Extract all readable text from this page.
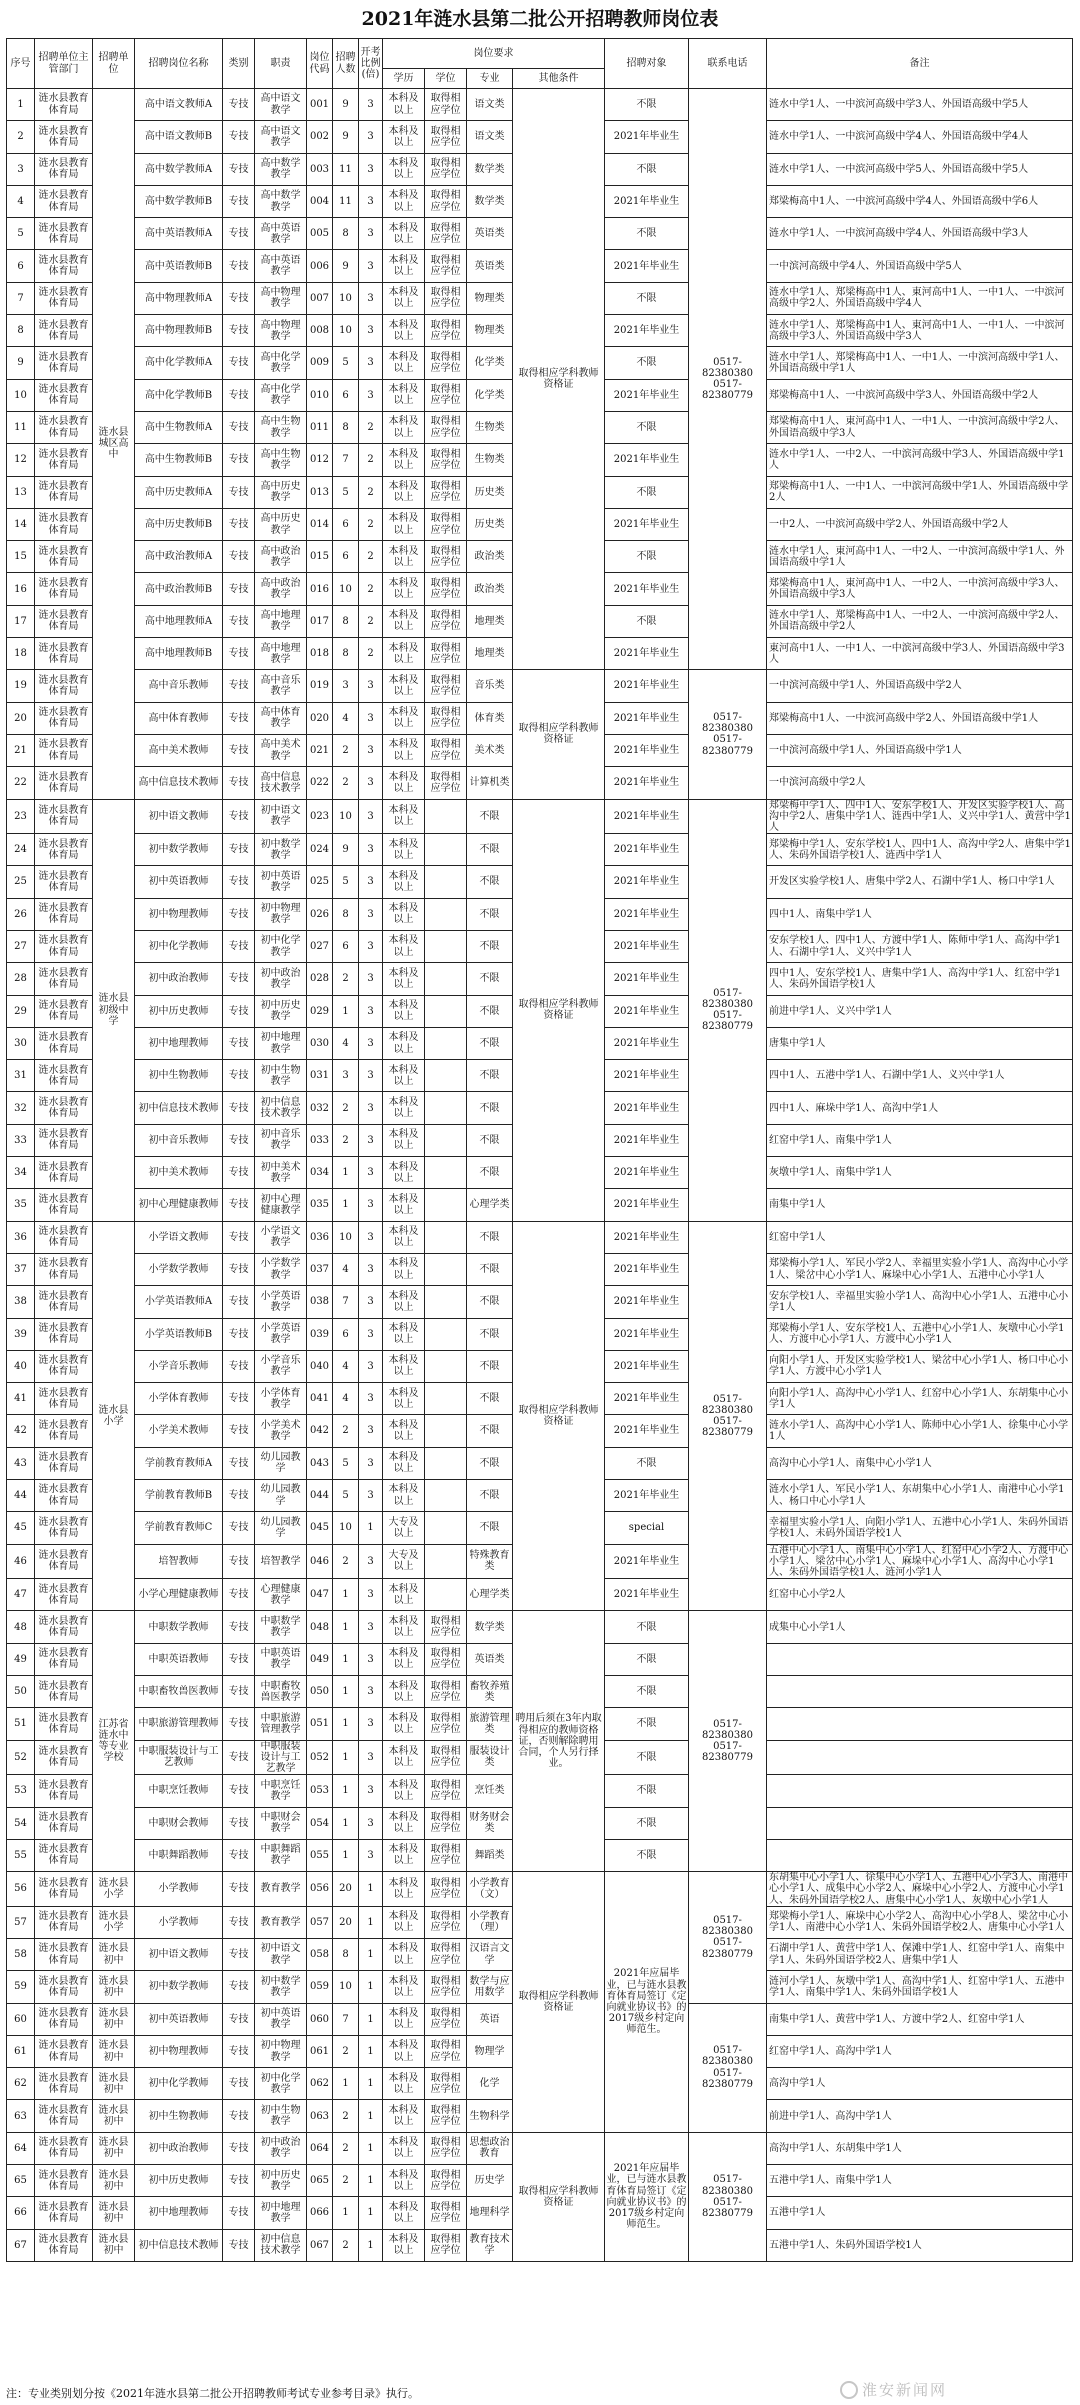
2021年涟水县第二批公开招聘教师岗位表
序号	招聘单位主管部门	招聘单位	招聘岗位名称	类别	职责	岗位代码	招聘人数	开考比例(倍)	岗位要求				招聘对象	联系电话	备注
									学历	学位	专业	其他条件			
1	涟水县教育体育局	涟水县城区高中	高中语文教师A	专技	高中语文教学	001	9	3	本科及以上	取得相应学位	语文类	取得相应学科教师资格证	不限	0517-82380380 0517-82380779	涟水中学1人、一中滨河高级中学3人、外国语高级中学5人
2	涟水县教育体育局		高中语文教师B	专技	高中语文教学	002	9	3	本科及以上	取得相应学位	语文类		2021年毕业生		涟水中学1人、一中滨河高级中学4人、外国语高级中学4人
3	涟水县教育体育局		高中数学教师A	专技	高中数学教学	003	11	3	本科及以上	取得相应学位	数学类		不限		涟水中学1人、一中滨河高级中学5人、外国语高级中学5人
4	涟水县教育体育局		高中数学教师B	专技	高中数学教学	004	11	3	本科及以上	取得相应学位	数学类		2021年毕业生		郑梁梅高中1人、一中滨河高级中学4人、外国语高级中学6人
5	涟水县教育体育局		高中英语教师A	专技	高中英语教学	005	8	3	本科及以上	取得相应学位	英语类		不限		涟水中学1人、一中滨河高级中学4人、外国语高级中学3人
6	涟水县教育体育局		高中英语教师B	专技	高中英语教学	006	9	3	本科及以上	取得相应学位	英语类		2021年毕业生		一中滨河高级中学4人、外国语高级中学5人
7	涟水县教育体育局		高中物理教师A	专技	高中物理教学	007	10	3	本科及以上	取得相应学位	物理类		不限		涟水中学1人、郑梁梅高中1人、東河高中1人、一中1人、一中滨河高级中学2人、外国语高级中学4人
8	涟水县教育体育局		高中物理教师B	专技	高中物理教学	008	10	3	本科及以上	取得相应学位	物理类		2021年毕业生		涟水中学1人、郑梁梅高中1人、東河高中1人、一中1人、一中滨河高级中学3人、外国语高级中学3人
9	涟水县教育体育局		高中化学教师A	专技	高中化学教学	009	5	3	本科及以上	取得相应学位	化学类		不限		涟水中学1人、郑梁梅高中1人、一中1人、一中滨河高级中学1人、外国语高级中学1人
10	涟水县教育体育局		高中化学教师B	专技	高中化学教学	010	6	3	本科及以上	取得相应学位	化学类		2021年毕业生		郑梁梅高中1人、一中滨河高级中学3人、外国语高级中学2人
11	涟水县教育体育局		高中生物教师A	专技	高中生物教学	011	8	2	本科及以上	取得相应学位	生物类		不限		郑梁梅高中1人、東河高中1人、一中1人、一中滨河高级中学2人、外国语高级中学3人
12	涟水县教育体育局		高中生物教师B	专技	高中生物教学	012	7	2	本科及以上	取得相应学位	生物类		2021年毕业生		涟水中学1人、一中2人、一中滨河高级中学3人、外国语高级中学1人
13	涟水县教育体育局		高中历史教师A	专技	高中历史教学	013	5	2	本科及以上	取得相应学位	历史类		不限		郑梁梅高中1人、一中1人、一中滨河高级中学1人、外国语高级中学2人
14	涟水县教育体育局		高中历史教师B	专技	高中历史教学	014	6	2	本科及以上	取得相应学位	历史类		2021年毕业生		一中2人、一中滨河高级中学2人、外国语高级中学2人
15	涟水县教育体育局		高中政治教师A	专技	高中政治教学	015	6	2	本科及以上	取得相应学位	政治类		不限		涟水中学1人、東河高中1人、一中2人、一中滨河高级中学1人、外国语高级中学1人
16	涟水县教育体育局		高中政治教师B	专技	高中政治教学	016	10	2	本科及以上	取得相应学位	政治类		2021年毕业生		郑梁梅高中1人、東河高中1人、一中2人、一中滨河高级中学3人、外国语高级中学3人
17	涟水县教育体育局		高中地理教师A	专技	高中地理教学	017	8	2	本科及以上	取得相应学位	地理类		不限		涟水中学1人、郑梁梅高中1人、一中2人、一中滨河高级中学2人、外国语高级中学2人
18	涟水县教育体育局		高中地理教师B	专技	高中地理教学	018	8	2	本科及以上	取得相应学位	地理类		2021年毕业生		東河高中1人、一中1人、一中滨河高级中学3人、外国语高级中学3人
19	涟水县教育体育局		高中音乐教师	专技	高中音乐教学	019	3	3	本科及以上	取得相应学位	音乐类	取得相应学科教师资格证	2021年毕业生	0517-82380380 0517-82380779	一中滨河高级中学1人、外国语高级中学2人
20	涟水县教育体育局		高中体育教师	专技	高中体育教学	020	4	3	本科及以上	取得相应学位	体育类		2021年毕业生		郑梁梅高中1人、一中滨河高级中学2人、外国语高级中学1人
21	涟水县教育体育局		高中美术教师	专技	高中美术教学	021	2	3	本科及以上	取得相应学位	美术类		2021年毕业生		一中滨河高级中学1人、外国语高级中学1人
22	涟水县教育体育局		高中信息技术教师	专技	高中信息技术教学	022	2	3	本科及以上	取得相应学位	计算机类		2021年毕业生		一中滨河高级中学2人
23	涟水县教育体育局	涟水县初级中学	初中语文教师	专技	初中语文教学	023	10	3	本科及以上		不限	取得相应学科教师资格证	2021年毕业生	0517-82380380 0517-82380779	郑梁梅中学1人、四中1人、安东学校1人、开发区实验学校1人、高沟中学2人、唐集中学1人、涟西中学1人、义兴中学1人、黄营中学1人
24	涟水县教育体育局		初中数学教师	专技	初中数学教学	024	9	3	本科及以上		不限		2021年毕业生		郑梁梅中学1人、安东学校1人、四中1人、高沟中学2人、唐集中学1人、朱码外国语学校1人、涟西中学1人
25	涟水县教育体育局		初中英语教师	专技	初中英语教学	025	5	3	本科及以上		不限		2021年毕业生		开发区实验学校1人、唐集中学2人、石湖中学1人、杨口中学1人
26	涟水县教育体育局		初中物理教师	专技	初中物理教学	026	8	3	本科及以上		不限		2021年毕业生		四中1人、南集中学1人
27	涟水县教育体育局		初中化学教师	专技	初中化学教学	027	6	3	本科及以上		不限		2021年毕业生		安东学校1人、四中1人、方渡中学1人、陈师中学1人、高沟中学1人、石湖中学1人、义兴中学1人
28	涟水县教育体育局		初中政治教师	专技	初中政治教学	028	2	3	本科及以上		不限		2021年毕业生		四中1人、安东学校1人、唐集中学1人、高沟中学1人、红窑中学1人、朱码外国语学校1人
29	涟水县教育体育局		初中历史教师	专技	初中历史教学	029	1	3	本科及以上		不限		2021年毕业生		前进中学1人、义兴中学1人
30	涟水县教育体育局		初中地理教师	专技	初中地理教学	030	4	3	本科及以上		不限		2021年毕业生		唐集中学1人
31	涟水县教育体育局		初中生物教师	专技	初中生物教学	031	3	3	本科及以上		不限		2021年毕业生		四中1人、五港中学1人、石湖中学1人、义兴中学1人
32	涟水县教育体育局		初中信息技术教师	专技	初中信息技术教学	032	2	3	本科及以上		不限		2021年毕业生		四中1人、麻垛中学1人、高沟中学1人
33	涟水县教育体育局		初中音乐教师	专技	初中音乐教学	033	2	3	本科及以上		不限		2021年毕业生		红窑中学1人、南集中学1人
34	涟水县教育体育局		初中美术教师	专技	初中美术教学	034	1	3	本科及以上		不限		2021年毕业生		灰墩中学1人、南集中学1人
35	涟水县教育体育局		初中心理健康教师	专技	初中心理健康教学	035	1	3	本科及以上		心理学类		2021年毕业生		南集中学1人
36	涟水县教育体育局	涟水县小学	小学语文教师	专技	小学语文教学	036	10	3	本科及以上		不限	取得相应学科教师资格证	2021年毕业生	0517-82380380 0517-82380779	红窑中学1人
37	涟水县教育体育局		小学数学教师	专技	小学数学教学	037	4	3	本科及以上		不限		2021年毕业生		郑梁梅小学1人、军民小学2人、幸福里实验小学1人、高沟中心小学1人、梁岔中心小学1人、麻垛中心小学1人、五港中心小学1人
38	涟水县教育体育局		小学英语教师A	专技	小学英语教学	038	7	3	本科及以上		不限		2021年毕业生		安东学校1人、幸福里实验小学1人、高沟中心小学1人、五港中心小学1人
39	涟水县教育体育局		小学英语教师B	专技	小学英语教学	039	6	3	本科及以上		不限		2021年毕业生		郑梁梅小学1人、安东学校1人、五港中心小学1人、灰墩中心小学1人、方渡中心小学1人、方渡中心小学1人
40	涟水县教育体育局		小学音乐教师	专技	小学音乐教学	040	4	3	本科及以上		不限		2021年毕业生		向阳小学1人、开发区实验学校1人、梁岔中心小学1人、杨口中心小学1人、方渡中心小学1人
41	涟水县教育体育局		小学体育教师	专技	小学体育教学	041	4	3	本科及以上		不限		2021年毕业生		向阳小学1人、高沟中心小学1人、红窑中心小学1人、东胡集中心小学1人
42	涟水县教育体育局		小学美术教师	专技	小学美术教学	042	2	3	本科及以上		不限		2021年毕业生		涟水小学1人、高沟中心小学1人、陈师中心小学1人、徐集中心小学1人
43	涟水县教育体育局		学前教育教师A	专技	幼儿园教学	043	5	3	本科及以上		不限		不限		高沟中心小学1人、南集中心小学1人
44	涟水县教育体育局		学前教育教师B	专技	幼儿园教学	044	5	3	本科及以上		不限		2021年毕业生		涟水小学1人、军民小学1人、东胡集中心小学1人、南港中心小学1人、杨口中心小学1人
45	涟水县教育体育局		学前教育教师C	专技	幼儿园教学	045	10	1	大专及以上		不限		special		幸福里实验小学1人、向阳小学1人、五港中心小学1人、朱码外国语学校1人、未码外国语学校1人
46	涟水县教育体育局		培智教师	专技	培智教学	046	2	3	大专及以上		特殊教育类		2021年毕业生		五港中心小学1人、南集中心小学1人、红窑中心小学2人、方渡中心小学1人、梁岔中心小学1人、麻垛中心小学1人、高沟中心小学1人、朱码外国语学校1人、涟河小学1人
47	涟水县教育体育局		小学心理健康教师	专技	心理健康教学	047	1	3	本科及以上		心理学类		2021年毕业生		红窑中心小学2人
48	涟水县教育体育局	江苏省涟水中等专业学校	中职数学教师	专技	中职数学教学	048	1	3	本科及以上	取得相应学位	数学类	聘用后须在3年内取得相应的教师资格证，否则解除聘用合同，个人另行择业。	不限	0517-82380380 0517-82380779	成集中心小学1人
49	涟水县教育体育局		中职英语教师	专技	中职英语教学	049	1	3	本科及以上	取得相应学位	英语类		不限		
50	涟水县教育体育局		中职畜牧兽医教师	专技	中职畜牧兽医教学	050	1	3	本科及以上	取得相应学位	畜牧养殖类		不限		
51	涟水县教育体育局		中职旅游管理教师	专技	中职旅游管理教学	051	1	3	本科及以上	取得相应学位	旅游管理类		不限		
52	涟水县教育体育局		中职服装设计与工艺教师	专技	中职服装设计与工艺教学	052	1	3	本科及以上	取得相应学位	服装设计类		不限		
53	涟水县教育体育局		中职烹饪教师	专技	中职烹饪教学	053	1	3	本科及以上	取得相应学位	烹饪类		不限		
54	涟水县教育体育局		中职财会教师	专技	中职财会教学	054	1	3	本科及以上	取得相应学位	财务财会类		不限		
55	涟水县教育体育局		中职舞蹈教师	专技	中职舞蹈教学	055	1	3	本科及以上	取得相应学位	舞蹈类		不限		
56	涟水县教育体育局	涟水县小学	小学教师	专技	教育教学	056	20	1	本科及以上	取得相应学位	小学教育（文）	取得相应学科教师资格证	2021年应届毕业，已与涟水县教育体育局签订《定向就业协议书》的2017级乡村定向师范生。	0517-82380380 0517-82380779	东胡集中心小学1人、徐集中心小学1人、五港中心小学3人、南港中心小学1人、成集中心小学2人、麻垛中心小学2人、方渡中心小学1人、朱码外国语学校2人、唐集中心小学1人、灰墩中心小学1人
57	涟水县教育体育局	涟水县小学	小学教师	专技	教育教学	057	20	1	本科及以上	取得相应学位	小学教育（理）				郑梁梅小学1人、麻垛中心小学2人、高沟中心小学8人、梁岔中心小学1人、南港中心小学1人、朱码外国语学校2人、唐集中心小学1人
58	涟水县教育体育局	涟水县初中	初中语文教师	专技	初中语文教学	058	8	1	本科及以上	取得相应学位	汉语言文学				石湖中学1人、黄营中学1人、保滩中学1人、红窑中学1人、南集中学1人、朱码外国语学校2人、唐集中学1人
59	涟水县教育体育局	涟水县初中	初中数学教师	专技	初中数学教学	059	10	1	本科及以上	取得相应学位	数学与应用数学				涟河小学1人、灰墩中学1人、高沟中学1人、红窑中学1人、五港中学1人、南集中学1人、朱码外国语学校1人
60	涟水县教育体育局	涟水县初中	初中英语教师	专技	初中英语教学	060	7	1	本科及以上	取得相应学位	英语			0517-82380380 0517-82380779	南集中学1人、黄营中学1人、方渡中学2人、红窑中学1人
61	涟水县教育体育局	涟水县初中	初中物理教师	专技	初中物理教学	061	2	1	本科及以上	取得相应学位	物理学				红窑中学1人、高沟中学1人
62	涟水县教育体育局	涟水县初中	初中化学教师	专技	初中化学教学	062	1	1	本科及以上	取得相应学位	化学				高沟中学1人
63	涟水县教育体育局	涟水县初中	初中生物教师	专技	初中生物教学	063	2	1	本科及以上	取得相应学位	生物科学				前进中学1人、高沟中学1人
64	涟水县教育体育局	涟水县初中	初中政治教师	专技	初中政治教学	064	2	1	本科及以上	取得相应学位	思想政治教育	取得相应学科教师资格证	2021年应届毕业，已与涟水县教育体育局签订《定向就业协议书》的2017级乡村定向师范生。	0517-82380380 0517-82380779	高沟中学1人、东胡集中学1人
65	涟水县教育体育局	涟水县初中	初中历史教师	专技	初中历史教学	065	2	1	本科及以上	取得相应学位	历史学				五港中学1人、南集中学1人
66	涟水县教育体育局	涟水县初中	初中地理教师	专技	初中地理教学	066	1	1	本科及以上	取得相应学位	地理科学				五港中学1人
67	涟水县教育体育局	涟水县初中	初中信息技术教师	专技	初中信息技术教学	067	2	1	本科及以上	取得相应学位	教育技术学				五港中学1人、朱码外国语学校1人
注：专业类别划分按《2021年涟水县第二批公开招聘教师考试专业参考目录》执行。	淮安新闻网
